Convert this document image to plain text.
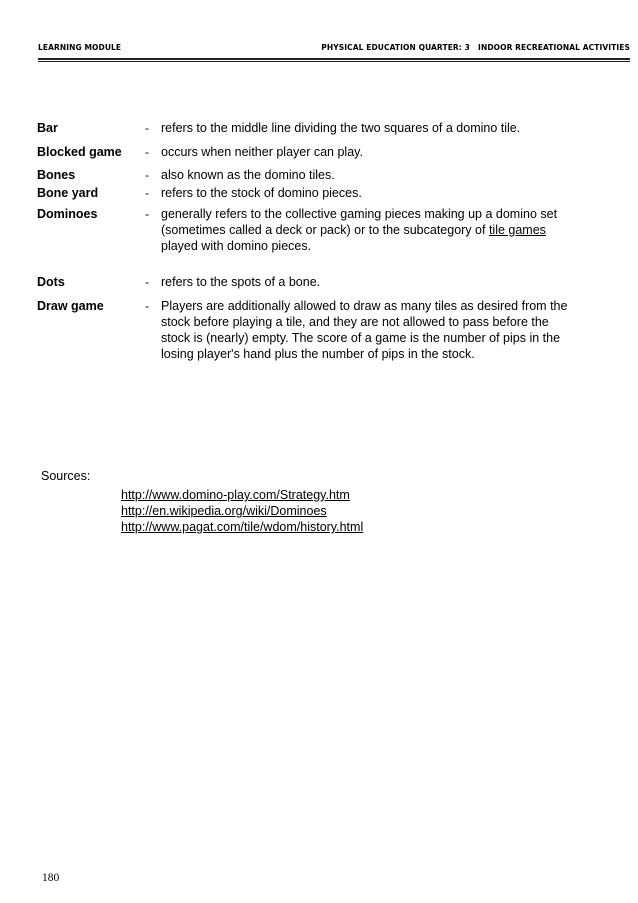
LEARNING MODULE	PHYSICAL EDUCATION QUARTER: 3   INDOOR RECREATIONAL ACTIVITIES
Bar	- refers to the middle line dividing the two squares of a domino tile.
Blocked game - occurs when neither player can play.
Bones	- also known as the domino tiles.
Bone yard	- refers to the stock of domino pieces.
Dominoes	- generally refers to the collective gaming pieces making up a domino set (sometimes called a deck or pack) or to the subcategory of tile games played with domino pieces.
Dots	- refers to the spots of a bone.
Draw game	- Players are additionally allowed to draw as many tiles as desired from the stock before playing a tile, and they are not allowed to pass before the stock is (nearly) empty. The score of a game is the number of pips in the losing player's hand plus the number of pips in the stock.
Sources:
http://www.domino-play.com/Strategy.htm
http://en.wikipedia.org/wiki/Dominoes
http://www.pagat.com/tile/wdom/history.html
180
